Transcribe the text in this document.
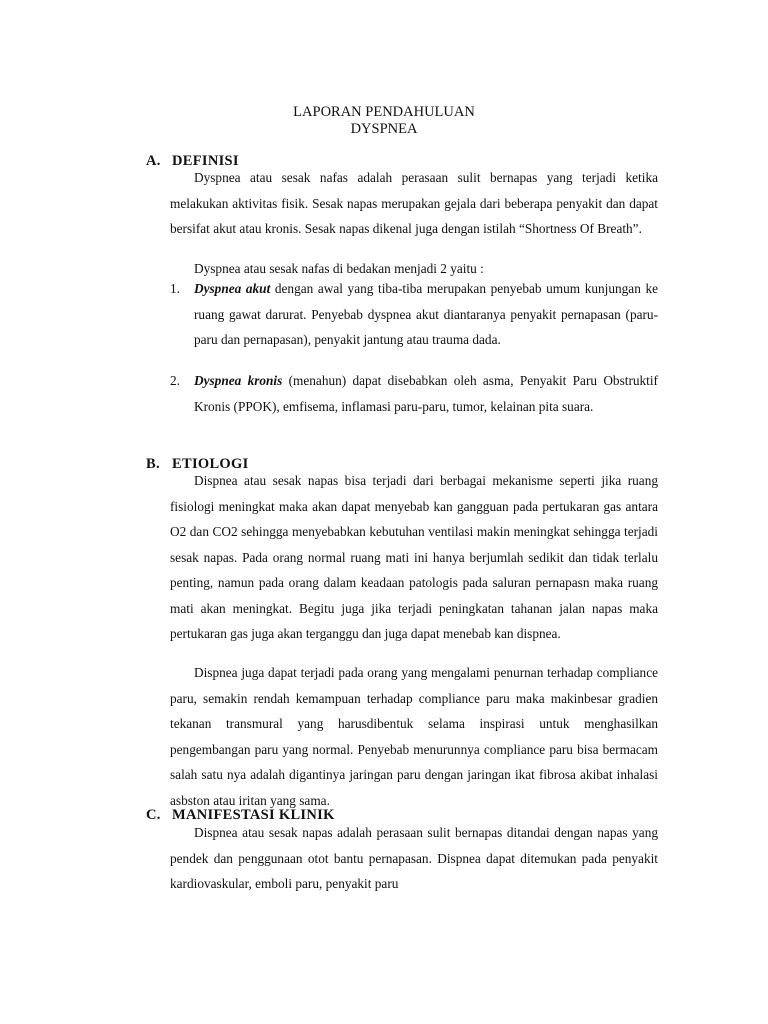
LAPORAN PENDAHULUAN
DYSPNEA
A. DEFINISI

Dyspnea atau sesak nafas adalah perasaan sulit bernapas yang terjadi ketika melakukan aktivitas fisik. Sesak napas merupakan gejala dari beberapa penyakit dan dapat bersifat akut atau kronis. Sesak napas dikenal juga dengan istilah “Shortness Of Breath”.

Dyspnea atau sesak nafas di bedakan menjadi 2 yaitu :

1. Dyspnea akut dengan awal yang tiba-tiba merupakan penyebab umum kunjungan ke ruang gawat darurat. Penyebab dyspnea akut diantaranya penyakit pernapasan (paru-paru dan pernapasan), penyakit jantung atau trauma dada.
2. Dyspnea kronis (menahun) dapat disebabkan oleh asma, Penyakit Paru Obstruktif Kronis (PPOK), emfisema, inflamasi paru-paru, tumor, kelainan pita suara.
B. ETIOLOGI

Dispnea atau sesak napas bisa terjadi dari berbagai mekanisme seperti jika ruang fisiologi meningkat maka akan dapat menyebab kan gangguan pada pertukaran gas antara O2 dan CO2 sehingga menyebabkan kebutuhan ventilasi makin meningkat sehingga terjadi sesak napas. Pada orang normal ruang mati ini hanya berjumlah sedikit dan tidak terlalu penting, namun pada orang dalam keadaan patologis pada saluran pernapasn maka ruang mati akan meningkat. Begitu juga jika terjadi peningkatan tahanan jalan napas maka pertukaran gas juga akan terganggu dan juga dapat menebab kan dispnea.

Dispnea juga dapat terjadi pada orang yang mengalami penurnan terhadap compliance paru, semakin rendah kemampuan terhadap compliance paru maka makinbesar gradien tekanan transmural yang harusdibentuk selama inspirasi untuk menghasilkan pengembangan paru yang normal. Penyebab menurunnya compliance paru bisa bermacam salah satu nya adalah digantinya jaringan paru dengan jaringan ikat fibrosa akibat inhalasi asbston atau iritan yang sama.

C. MANIFESTASI KLINIK

Dispnea atau sesak napas adalah perasaan sulit bernapas ditandai dengan napas yang pendek dan penggunaan otot bantu pernapasan. Dispnea dapat ditemukan pada penyakit kardiovaskular, emboli paru, penyakit paru
